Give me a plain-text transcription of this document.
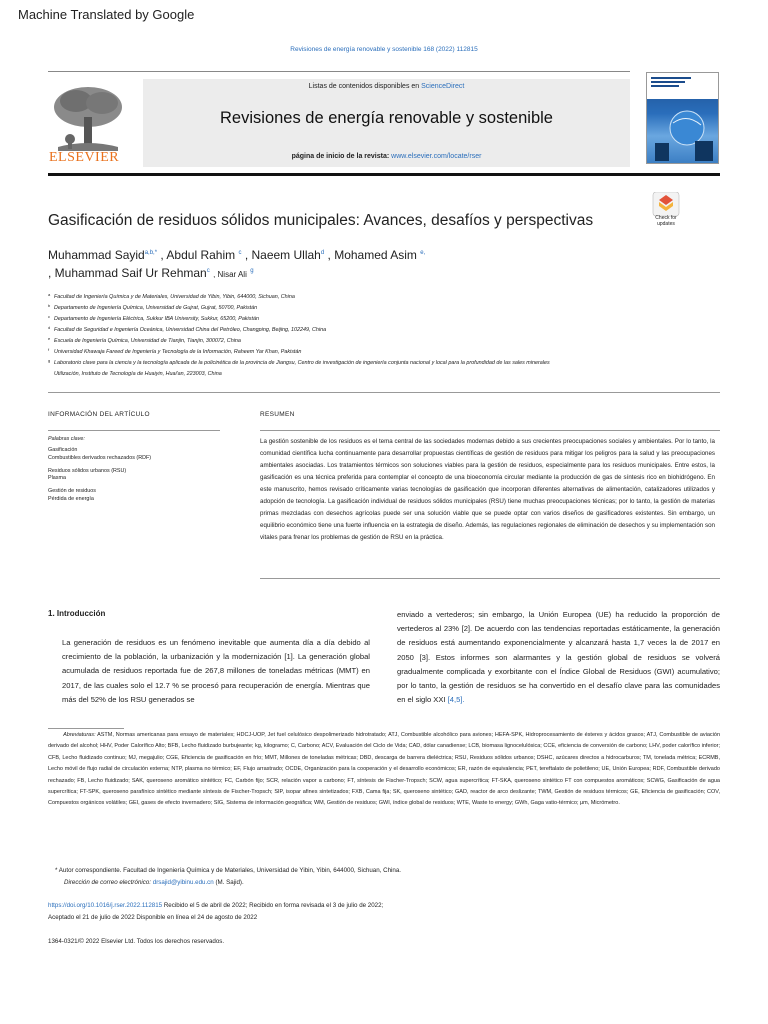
Machine Translated by Google
Revisiones de energía renovable y sostenible 168 (2022) 112815
ELSEVIER
Listas de contenidos disponibles en ScienceDirect
Revisiones de energía renovable y sostenible
página de inicio de la revista: www.elsevier.com/locate/rser
Gasificación de residuos sólidos municipales: Avances, desafíos y perspectivas	Check for updates
Muhammad Sayid$^{a,b,*}$ , Abdul Rahim $^c$ , Naeem Ullah$^d$ , Mohamed Asim $^{e,}$
, Muhammad Saif Ur Rehman$^c$ , Nisar Ali $^g$
a Facultad de Ingeniería Química y de Materiales, Universidad de Yibin, Yibin, 644000, Sichuan, China
b Departamento de Ingeniería Química, Universidad de Gujrat, Gujrat, 50700, Pakistán
c Departamento de Ingeniería Eléctrica, Sukkur IBA University, Sukkur, 65200, Pakistán
d Facultad de Seguridad e Ingeniería Oceánica, Universidad China del Petróleo, Changping, Beijing, 102249, China
e Escuela de Ingeniería Química, Universidad de Tianjin, Tianjin, 300072, China
f Universidad Khawaja Fareed de Ingeniería y Tecnología de la Información, Raheem Yar Khan, Pakistán
g Laboratorio clave para la ciencia y la tecnología aplicada de la policinética de la provincia de Jiangsu, Centro de investigación de ingeniería conjunta nacional y local para la profundidad de las sales minerales
Utilización, Instituto de Tecnología de Huaiyin, Huai'an, 223003, China
INFORMACIÓN DEL ARTÍCULO
Palabras clave:
Gasificación
Combustibles derivados rechazados (RDF)
Residuos sólidos urbanos (RSU)
Plasma
Gestión de residuos
Pérdida de energía
RESUMEN
La gestión sostenible de los residuos es el tema central de las sociedades modernas debido a sus crecientes preocupaciones sociales y ambientales. Por lo tanto, la comunidad científica lucha continuamente para desarrollar propuestas científicas de gestión de residuos para mitigar los peligros para la salud y las preocupaciones ambientales asociadas. Los tratamientos térmicos son soluciones viables para la gestión de residuos, especialmente para los residuos municipales. Entre estos, la gasificación es una técnica preferida para contemplar el concepto de una bioeconomía circular mediante la producción de gas de síntesis rico en biohidrógeno. En este manuscrito, hemos revisado críticamente varias tecnologías de gasificación que incorporan diferentes alternativas de alimentación, catalizadores utilizados y adopción de tecnología. La gasificación individual de residuos sólidos municipales (RSU) tiene muchas preocupaciones técnicas; por lo tanto, la gestión de materias primas mezcladas con desechos agrícolas puede ser una solución viable que se puede optar con varios diseños de gasificadores existentes. Sin embargo, un equilibrio económico tiene una fuerte influencia en la estrategia de diseño. Además, las regulaciones regionales de eliminación de desechos y su implementación son vitales para frenar los problemas de gestión de RSU en la práctica.
1. Introducción
La generación de residuos es un fenómeno inevitable que aumenta día a día debido al crecimiento de la población, la urbanización y la modernización [1]. La generación global acumulada de residuos reportada fue de 267,8 millones de toneladas métricas (MMT) en 2017, de las cuales solo el 12.7 % se procesó para recuperación de energía. Mientras que más del 52% de los RSU generados se
enviado a vertederos; sin embargo, la Unión Europea (UE) ha reducido la proporción de vertederos al 23% [2]. De acuerdo con las tendencias reportadas estáticamente, la generación de residuos está aumentando exponencialmente y alcanzará hasta 1,7 veces la de 2017 en 2050 [3]. Estos informes son alarmantes y la gestión global de residuos se volverá gradualmente complicada y exorbitante con el Índice Global de Residuos (GWI) acumulativo; por lo tanto, la gestión de residuos se ha convertido en el desafío clave para las comunidades en el siglo XXI [4,5].
Abreviaturas: ASTM, Normas americanas para ensayo de materiales; HDCJ-UOP, Jet fuel celulósico despolimerizado hidrotratado; ATJ, Combustible alcohólico para aviones; HEFA-SPK, Hidroprocesamiento de ésteres y ácidos grasos; ATJ, Combustible de aviación derivado del alcohol; HHV, Poder Calorífico Alto; BFB, Lecho fluidizado burbujeante; kg, kilogramo; C, Carbono; ACV, Evaluación del Ciclo de Vida; CAD, dólar canadiense; LCB, biomasa lignocelulósica; CCE, eficiencia de conversión de carbono; LHV, poder calorífico inferior; CFB, Lecho fluidizado continuo; MJ, megajulio; CGE, Eficiencia de gasificación en frío; MMT, Millones de toneladas métricas; DBD, descarga de barrera dieléctrica; RSU, Residuos sólidos urbanos; DSHC, azúcares directos a hidrocarburos; TM, tonelada métrica; ECRMB, Lecho móvil de flujo radial de circulación externa; NTP, plasma no térmico; EF, Flujo arrastrado; OCDE, Organización para la cooperación y el desarrollo económicos; ER, razón de equivalencia; PET, tereftalato de polietileno; UE, Unión Europea; RDF, Combustible derivado rechazado; FB, Lecho fluidizado; SAK, queroseno aromático sintético; FC, Carbón fijo; SCR, relación vapor a carbono; FT, síntesis de Fischer-Tropsch; SCW, agua supercrítica; FT-SKA, queroseno sintético FT con compuestos aromáticos; SCWG, Gasificación de agua supercrítica; FT-SPK, queroseno parafínico sintético mediante síntesis de Fischer-Tropsch; SIP, isopar afines sintetizados; FXB, Cama fija; SK, queroseno sintético; GAD, reactor de arco deslizante; TWM, Gestión de residuos térmicos; GE, Eficiencia de gasificación; COV, Compuestos orgánicos volátiles; GEI, gases de efecto invernadero; SIG, Sistema de información geográfica; WM, Gestión de residuos; GWI, índice global de residuos; WTE, Waste to energy; GWh, Gaga vatio-térmico; μm, Micrómetro.
* Autor correspondiente. Facultad de Ingeniería Química y de Materiales, Universidad de Yibin, Yibin, 644000, Sichuan, China.
Dirección de correo electrónico: drsajid@yibinu.edu.cn (M. Sajid).
https://doi.org/10.1016/j.rser.2022.112815 Recibido el 5 de abril de 2022; Recibido en forma revisada el 3 de julio de 2022; Aceptado el 21 de julio de 2022 Disponible en línea el 24 de agosto de 2022
1364-0321/© 2022 Elsevier Ltd. Todos los derechos reservados.
